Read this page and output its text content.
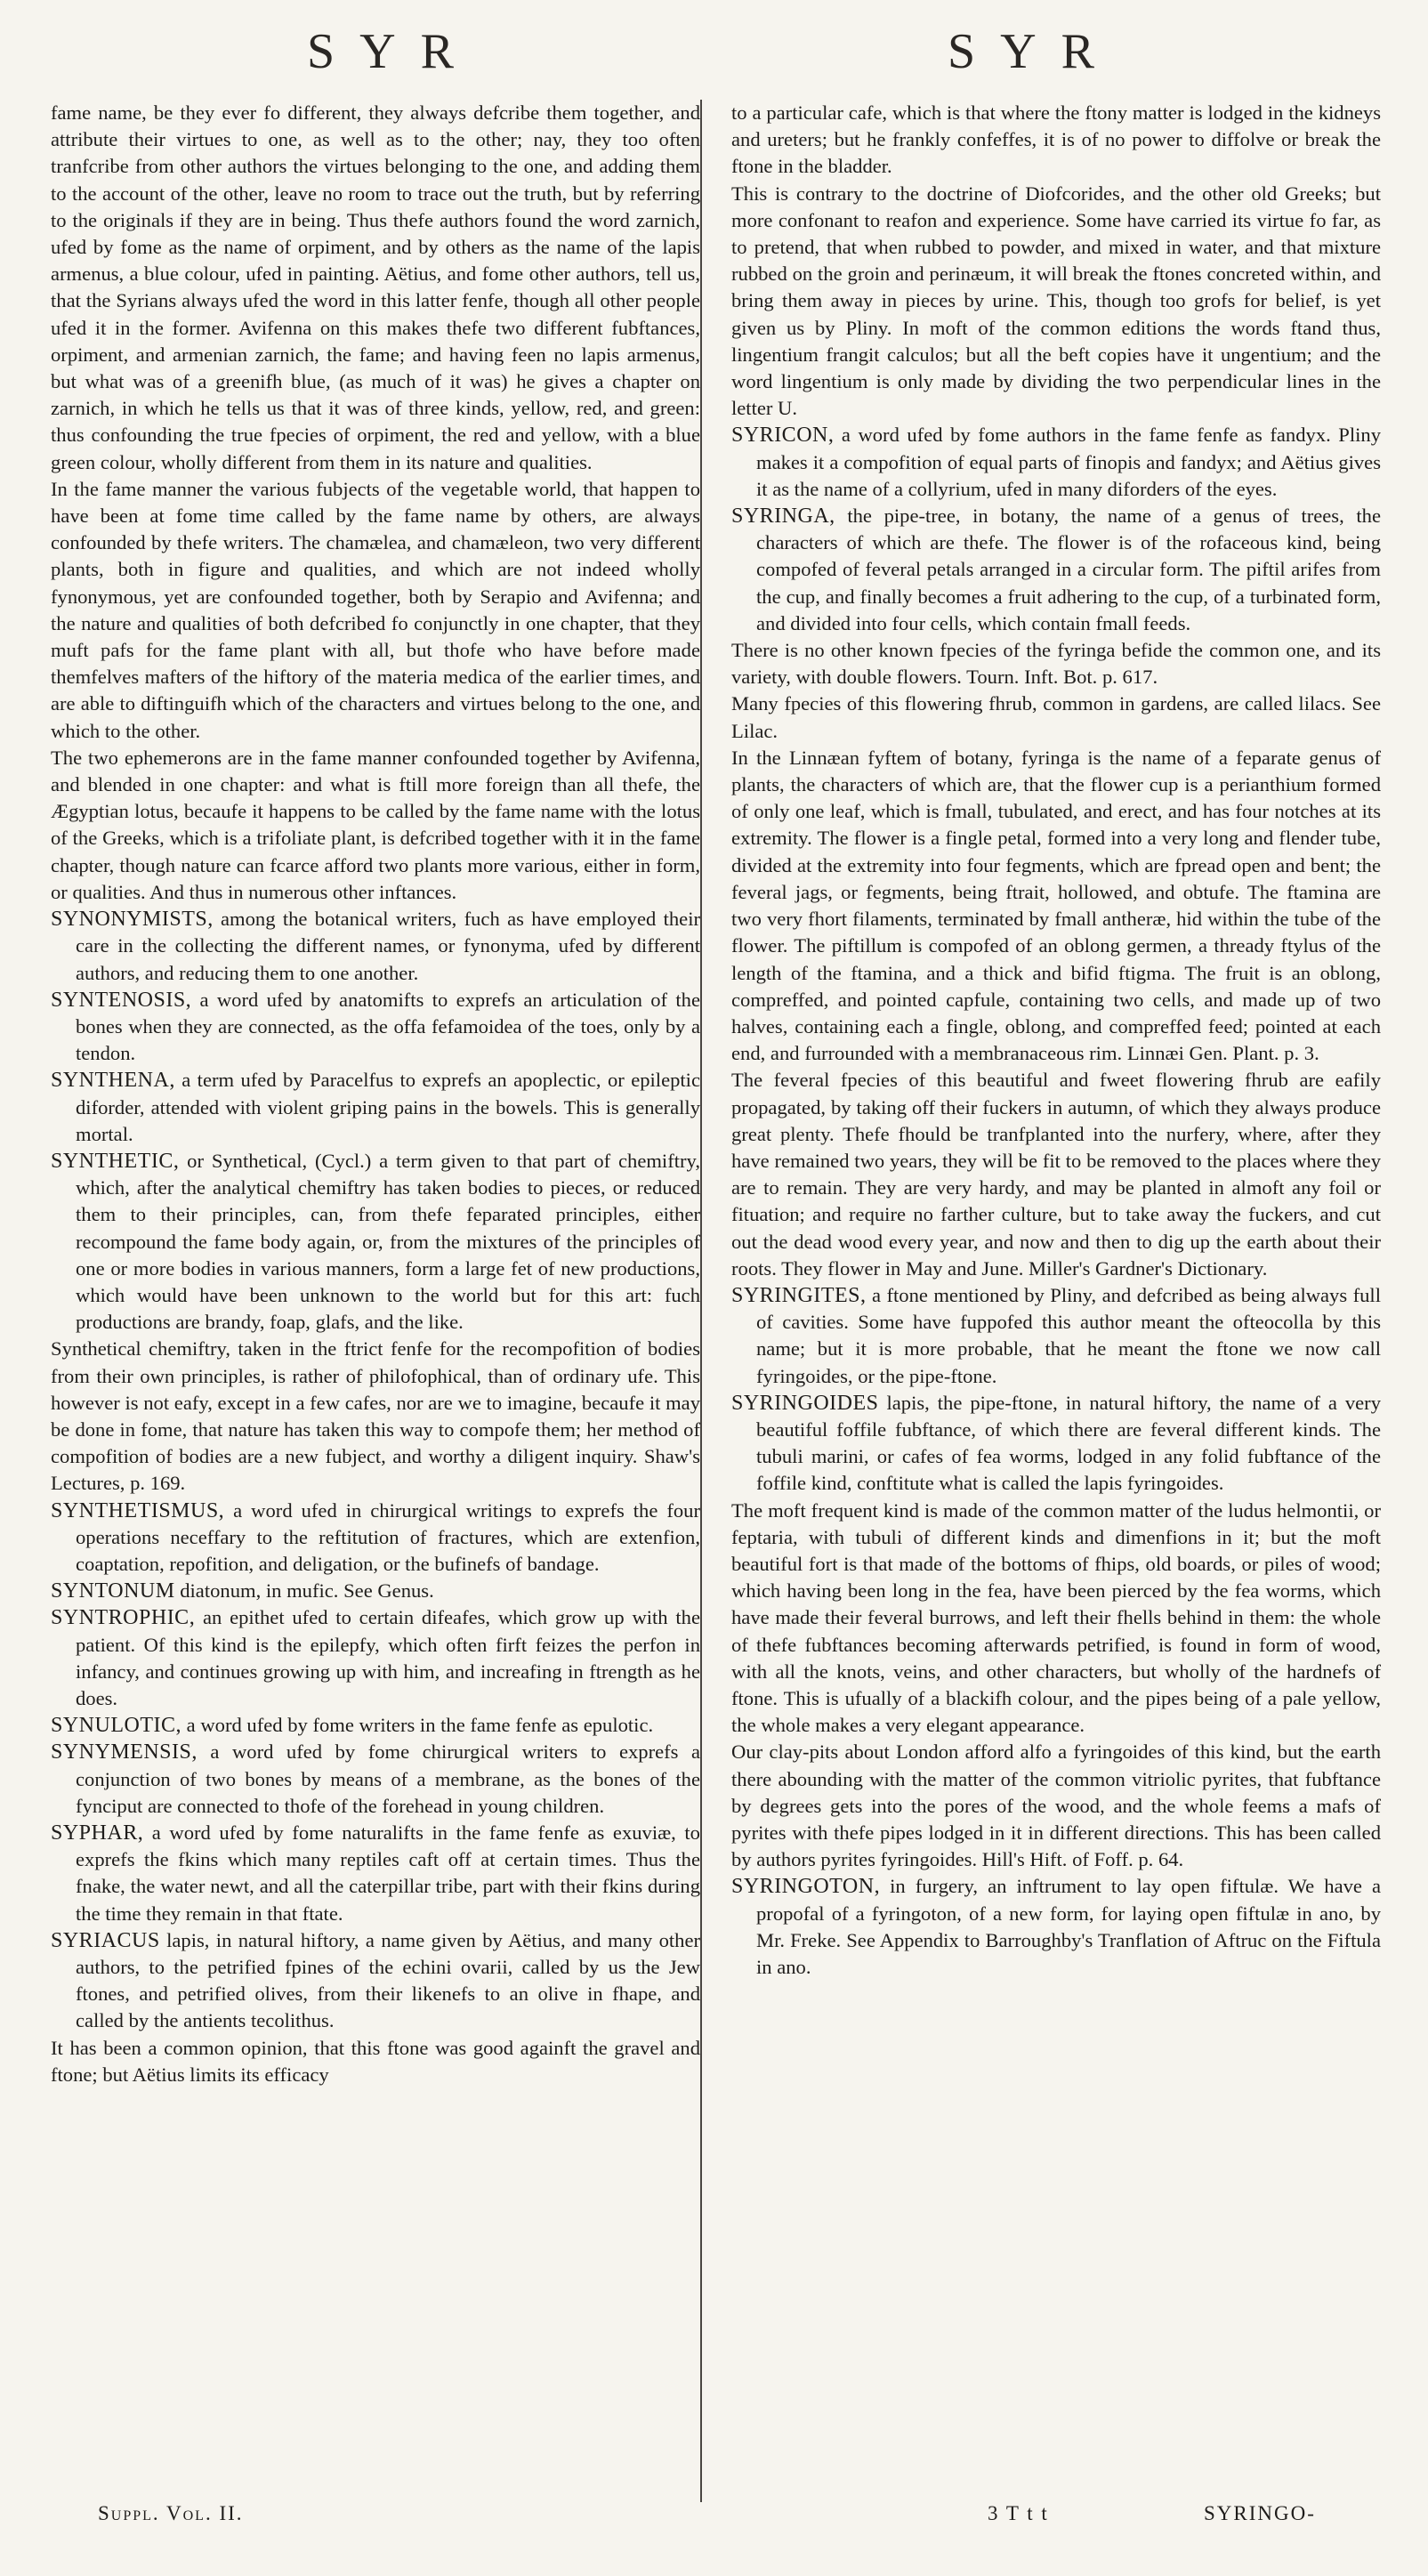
SYR	SYR

fame name, be they ever fo different, they always defcribe them together, and attribute their virtues to one, as well as to the other; nay, they too often tranfcribe from other authors the virtues belonging to the one, and adding them to the account of the other, leave no room to trace out the truth, but by referring to the originals if they are in being. Thus thefe authors found the word zarnich, ufed by fome as the name of orpiment, and by others as the name of the lapis armenus, a blue colour, ufed in painting. Aëtius, and fome other authors, tell us, that the Syrians always ufed the word in this latter fenfe, though all other people ufed it in the former. Avifenna on this makes thefe two different fubftances, orpiment, and armenian zarnich, the fame; and having feen no lapis armenus, but what was of a greenifh blue, (as much of it was) he gives a chapter on zarnich, in which he tells us that it was of three kinds, yellow, red, and green: thus confounding the true fpecies of orpiment, the red and yellow, with a blue green colour, wholly different from them in its nature and qualities.

In the fame manner the various fubjects of the vegetable world, that happen to have been at fome time called by the fame name by others, are always confounded by thefe writers. The chamælea, and chamæleon, two very different plants, both in figure and qualities, and which are not indeed wholly fynonymous, yet are confounded together, both by Serapio and Avifenna; and the nature and qualities of both defcribed fo conjunctly in one chapter, that they muft pafs for the fame plant with all, but thofe who have before made themfelves mafters of the hiftory of the materia medica of the earlier times, and are able to diftinguifh which of the characters and virtues belong to the one, and which to the other.

The two ephemerons are in the fame manner confounded together by Avifenna, and blended in one chapter: and what is ftill more foreign than all thefe, the Ægyptian lotus, becaufe it happens to be called by the fame name with the lotus of the Greeks, which is a trifoliate plant, is defcribed together with it in the fame chapter, though nature can fcarce afford two plants more various, either in form, or qualities. And thus in numerous other inftances.

SYNONYMISTS, among the botanical writers, fuch as have employed their care in the collecting the different names, or fynonyma, ufed by different authors, and reducing them to one another.

SYNTENOSIS, a word ufed by anatomifts to exprefs an articulation of the bones when they are connected, as the offa fefamoidea of the toes, only by a tendon.

SYNTHENA, a term ufed by Paracelfus to exprefs an apoplectic, or epileptic diforder, attended with violent griping pains in the bowels. This is generally mortal.

SYNTHETIC, or Synthetical, (Cycl.) a term given to that part of chemiftry, which, after the analytical chemiftry has taken bodies to pieces, or reduced them to their principles, can, from thefe feparated principles, either recompound the fame body again, or, from the mixtures of the principles of one or more bodies in various manners, form a large fet of new productions, which would have been unknown to the world but for this art: fuch productions are brandy, foap, glafs, and the like.

Synthetical chemiftry, taken in the ftrict fenfe for the recompofition of bodies from their own principles, is rather of philofophical, than of ordinary ufe. This however is not eafy, except in a few cafes, nor are we to imagine, becaufe it may be done in fome, that nature has taken this way to compofe them; her method of compofition of bodies are a new fubject, and worthy a diligent inquiry. Shaw's Lectures, p. 169.

SYNTHETISMUS, a word ufed in chirurgical writings to exprefs the four operations neceffary to the reftitution of fractures, which are extenfion, coaptation, repofition, and deligation, or the bufinefs of bandage.

SYNTONUM diatonum, in mufic. See Genus.

SYNTROPHIC, an epithet ufed to certain difeafes, which grow up with the patient. Of this kind is the epilepfy, which often firft feizes the perfon in infancy, and continues growing up with him, and increafing in ftrength as he does.

SYNULOTIC, a word ufed by fome writers in the fame fenfe as epulotic.

SYNYMENSIS, a word ufed by fome chirurgical writers to exprefs a conjunction of two bones by means of a membrane, as the bones of the fynciput are connected to thofe of the forehead in young children.

SYPHAR, a word ufed by fome naturalifts in the fame fenfe as exuviæ, to exprefs the fkins which many reptiles caft off at certain times. Thus the fnake, the water newt, and all the caterpillar tribe, part with their fkins during the time they remain in that ftate.

SYRIACUS lapis, in natural hiftory, a name given by Aëtius, and many other authors, to the petrified fpines of the echini ovarii, called by us the Jew ftones, and petrified olives, from their likenefs to an olive in fhape, and called by the antients tecolithus.

It has been a common opinion, that this ftone was good againft the gravel and ftone; but Aëtius limits its efficacy

to a particular cafe, which is that where the ftony matter is lodged in the kidneys and ureters; but he frankly confeffes, it is of no power to diffolve or break the ftone in the bladder.

This is contrary to the doctrine of Diofcorides, and the other old Greeks; but more confonant to reafon and experience. Some have carried its virtue fo far, as to pretend, that when rubbed to powder, and mixed in water, and that mixture rubbed on the groin and perinæum, it will break the ftones concreted within, and bring them away in pieces by urine. This, though too grofs for belief, is yet given us by Pliny. In moft of the common editions the words ftand thus, lingentium frangit calculos; but all the beft copies have it ungentium; and the word lingentium is only made by dividing the two perpendicular lines in the letter U.

SYRICON, a word ufed by fome authors in the fame fenfe as fandyx. Pliny makes it a compofition of equal parts of finopis and fandyx; and Aëtius gives it as the name of a collyrium, ufed in many diforders of the eyes.

SYRINGA, the pipe-tree, in botany, the name of a genus of trees, the characters of which are thefe. The flower is of the rofaceous kind, being compofed of feveral petals arranged in a circular form. The piftil arifes from the cup, and finally becomes a fruit adhering to the cup, of a turbinated form, and divided into four cells, which contain fmall feeds.

There is no other known fpecies of the fyringa befide the common one, and its variety, with double flowers. Tourn. Inft. Bot. p. 617.

Many fpecies of this flowering fhrub, common in gardens, are called lilacs. See Lilac.

In the Linnæan fyftem of botany, fyringa is the name of a feparate genus of plants, the characters of which are, that the flower cup is a perianthium formed of only one leaf, which is fmall, tubulated, and erect, and has four notches at its extremity. The flower is a fingle petal, formed into a very long and flender tube, divided at the extremity into four fegments, which are fpread open and bent; the feveral jags, or fegments, being ftrait, hollowed, and obtufe. The ftamina are two very fhort filaments, terminated by fmall antheræ, hid within the tube of the flower. The piftillum is compofed of an oblong germen, a thready ftylus of the length of the ftamina, and a thick and bifid ftigma. The fruit is an oblong, compreffed, and pointed capfule, containing two cells, and made up of two halves, containing each a fingle, oblong, and compreffed feed; pointed at each end, and furrounded with a membranaceous rim. Linnæi Gen. Plant. p. 3.

The feveral fpecies of this beautiful and fweet flowering fhrub are eafily propagated, by taking off their fuckers in autumn, of which they always produce great plenty. Thefe fhould be tranfplanted into the nurfery, where, after they have remained two years, they will be fit to be removed to the places where they are to remain. They are very hardy, and may be planted in almoft any foil or fituation; and require no farther culture, but to take away the fuckers, and cut out the dead wood every year, and now and then to dig up the earth about their roots. They flower in May and June. Miller's Gardner's Dictionary.

SYRINGITES, a ftone mentioned by Pliny, and defcribed as being always full of cavities. Some have fuppofed this author meant the ofteocolla by this name; but it is more probable, that he meant the ftone we now call fyringoides, or the pipe-ftone.

SYRINGOIDES lapis, the pipe-ftone, in natural hiftory, the name of a very beautiful foffile fubftance, of which there are feveral different kinds. The tubuli marini, or cafes of fea worms, lodged in any folid fubftance of the foffile kind, conftitute what is called the lapis fyringoides.

The moft frequent kind is made of the common matter of the ludus helmontii, or feptaria, with tubuli of different kinds and dimenfions in it; but the moft beautiful fort is that made of the bottoms of fhips, old boards, or piles of wood; which having been long in the fea, have been pierced by the fea worms, which have made their feveral burrows, and left their fhells behind in them: the whole of thefe fubftances becoming afterwards petrified, is found in form of wood, with all the knots, veins, and other characters, but wholly of the hardnefs of ftone. This is ufually of a blackifh colour, and the pipes being of a pale yellow, the whole makes a very elegant appearance.

Our clay-pits about London afford alfo a fyringoides of this kind, but the earth there abounding with the matter of the common vitriolic pyrites, that fubftance by degrees gets into the pores of the wood, and the whole feems a mafs of pyrites with thefe pipes lodged in it in different directions. This has been called by authors pyrites fyringoides. Hill's Hift. of Foff. p. 64.

SYRINGOTON, in furgery, an inftrument to lay open fiftulæ. We have a propofal of a fyringoton, of a new form, for laying open fiftulæ in ano, by Mr. Freke. See Appendix to Barroughby's Tranflation of Aftruc on the Fiftula in ano.

Suppl. Vol. II.	3 T t t	SYRINGO-
